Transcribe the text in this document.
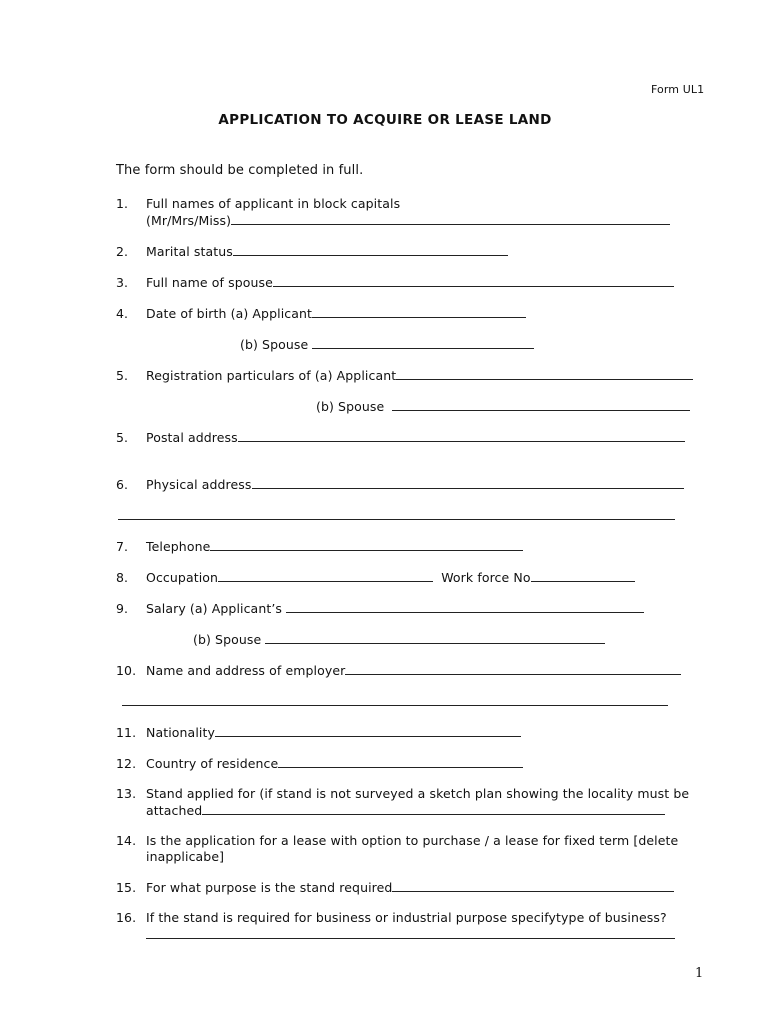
Form UL1
APPLICATION TO ACQUIRE OR LEASE LAND
The form should be completed in full.
1. Full names of applicant in block capitals
(Mr/Mrs/Miss)
2. Marital status
3. Full name of spouse
4. Date of birth (a) Applicant
(b) Spouse
5. Registration particulars of (a) Applicant
(b) Spouse
5. Postal address
6. Physical address
7. Telephone
8. Occupation	Work force No
9. Salary (a) Applicant’s
(b) Spouse
10. Name and address of employer
11. Nationality
12. Country of residence
13. Stand applied for (if stand is not surveyed a sketch plan showing the locality must be
attached
14. Is the application for a lease with option to purchase / a lease for fixed term [delete
inapplicabe]
15. For what purpose is the stand required
16. If the stand is required for business or industrial purpose specifytype of business?
1
